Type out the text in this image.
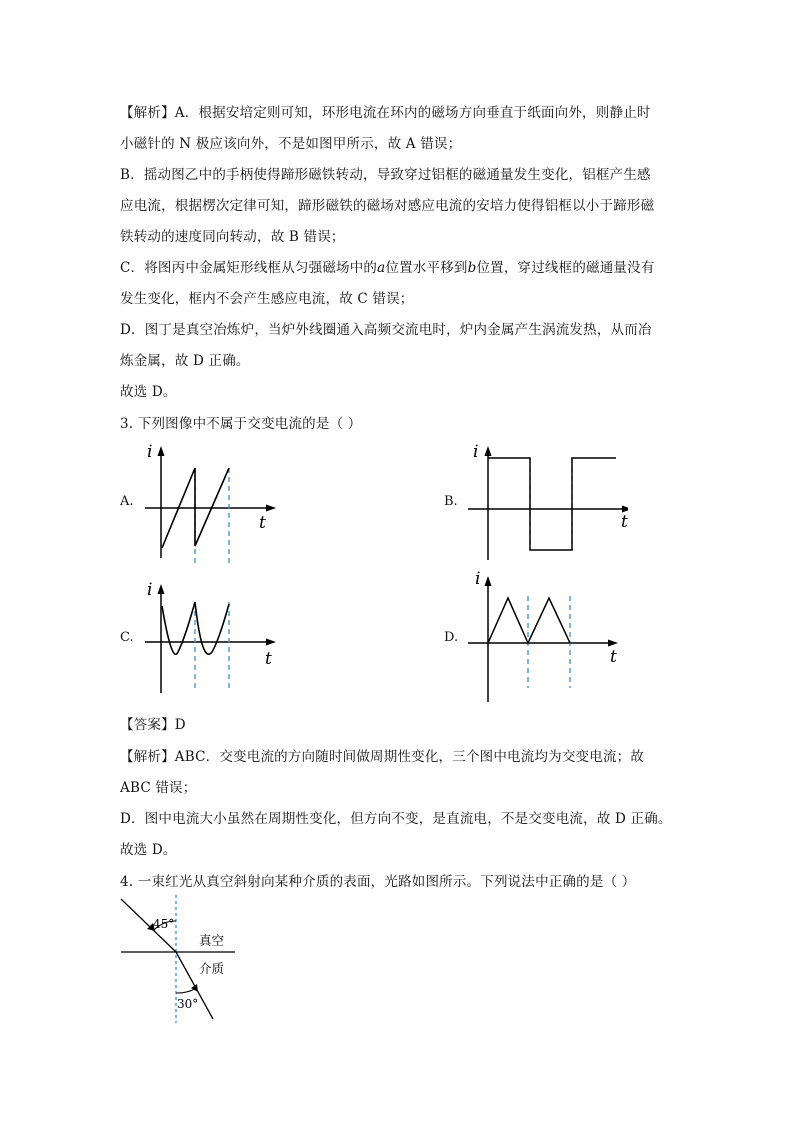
【解析】A．根据安培定则可知，环形电流在环内的磁场方向垂直于纸面向外，则静止时
小磁针的 N 极应该向外，不是如图甲所示，故 A 错误；
B．摇动图乙中的手柄使得蹄形磁铁转动，导致穿过铝框的磁通量发生变化，铝框产生感
应电流，根据楞次定律可知，蹄形磁铁的磁场对感应电流的安培力使得铝框以小于蹄形磁
铁转动的速度同向转动，故 B 错误；
C．将图丙中金属矩形线框从匀强磁场中的a位置水平移到b位置，穿过线框的磁通量没有
发生变化，框内不会产生感应电流，故 C 错误；
D．图丁是真空冶炼炉，当炉外线圈通入高频交流电时，炉内金属产生涡流发热，从而冶
炼金属，故 D 正确。
故选 D。
3. 下列图像中不属于交变电流的是（ ）
A.	B.
C.	D.
i
t
i
t
i
t
i
t
【答案】D
【解析】ABC．交变电流的方向随时间做周期性变化，三个图中电流均为交变电流；故
ABC 错误；
D．图中电流大小虽然在周期性变化，但方向不变，是直流电，不是交变电流，故 D 正确。
故选 D。
4. 一束红光从真空斜射向某种介质的表面，光路如图所示。下列说法中正确的是（ ）
45°
30°
真空
介质
